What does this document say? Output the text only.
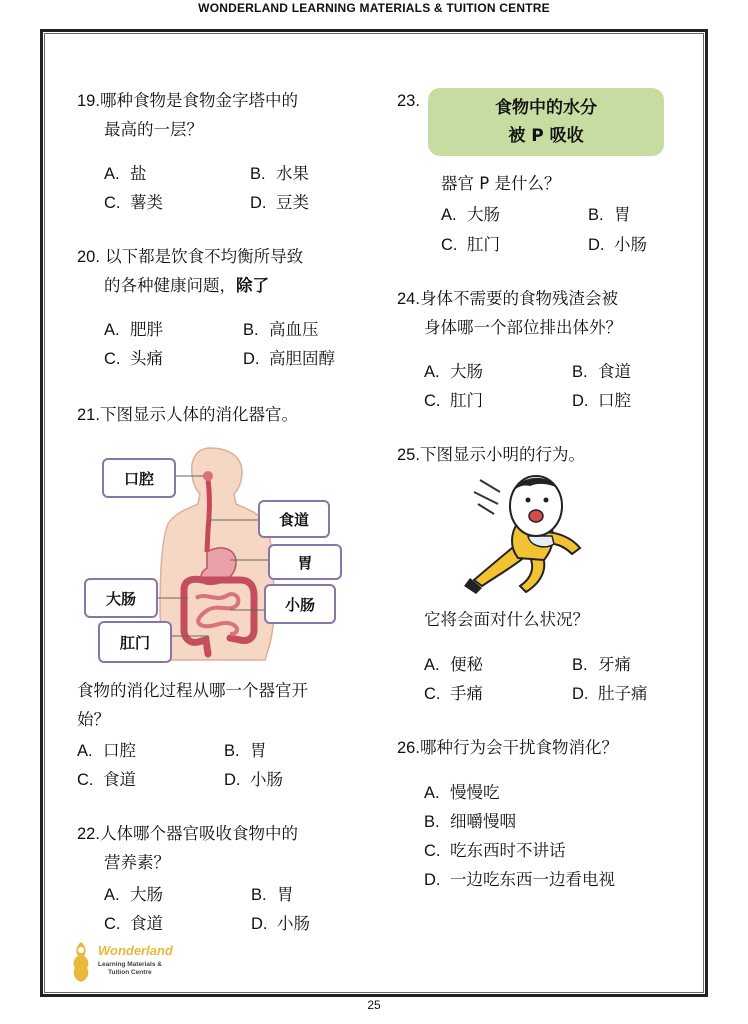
WONDERLAND LEARNING MATERIALS & TUITION CENTRE
19.哪种食物是食物金字塔中的
最高的一层？
A. 盐	B. 水果
C. 薯类	D. 豆类
20. 以下都是饮食不均衡所导致
的各种健康问题，除了
A. 肥胖	B. 高血压
C. 头痛	D. 高胆固醇
21.下图显示人体的消化器官。
口腔
食道
胃
大肠	小肠
肛门
食物的消化过程从哪一个器官开
始？
A. 口腔	B. 胃
C. 食道	D. 小肠
22.人体哪个器官吸收食物中的
营养素？
A. 大肠	B. 胃
C. 食道	D. 小肠
Wonderland
Learning Materials &
Tuition Centre
23.	食物中的水分
被 P 吸收
器官 P 是什么？
A. 大肠	B. 胃
C. 肛门	D. 小肠
24.身体不需要的食物残渣会被
身体哪一个部位排出体外？
A. 大肠	B. 食道
C. 肛门	D. 口腔
25.下图显示小明的行为。
它将会面对什么状况？
A. 便秘	B. 牙痛
C. 手痛	D. 肚子痛
26.哪种行为会干扰食物消化？
A. 慢慢吃
B. 细嚼慢咽
C. 吃东西时不讲话
D. 一边吃东西一边看电视
25
